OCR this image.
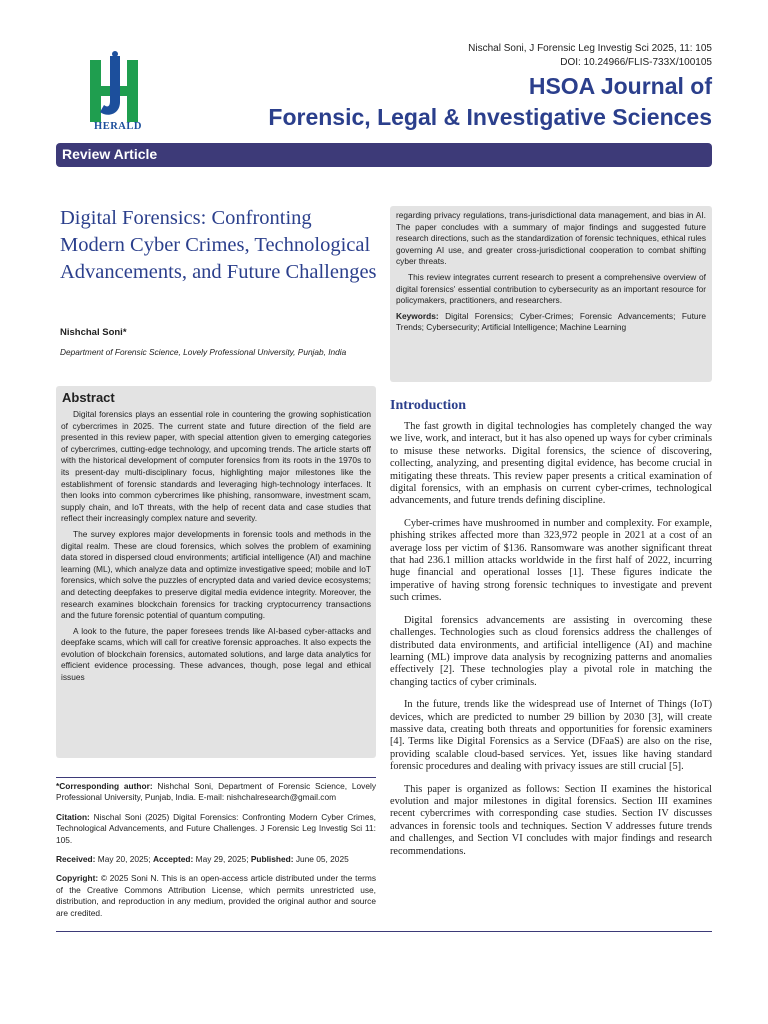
HERALD
Nischal Soni, J Forensic Leg Investig Sci 2025, 11: 105
DOI: 10.24966/FLIS-733X/100105
HSOA Journal of
Forensic, Legal & Investigative Sciences
Review Article
Digital Forensics: Confronting Modern Cyber Crimes, Technological Advancements, and Future Challenges
Nishchal Soni*
Department of Forensic Science, Lovely Professional University, Punjab, India
Abstract

Digital forensics plays an essential role in countering the growing sophistication of cybercrimes in 2025. The current state and future direction of the field are presented in this review paper, with special attention given to emerging categories of cybercrimes, cutting-edge technology, and upcoming trends. The article starts off with the historical development of computer forensics from its roots in the 1970s to its present-day multi-disciplinary focus, highlighting major milestones like the establishment of forensic standards and leveraging high-technology interfaces. It then looks into common cybercrimes like phishing, ransomware, investment scam, supply chain, and IoT threats, with the help of recent data and case studies that reflect their increasingly complex nature and severity.

The survey explores major developments in forensic tools and methods in the digital realm. These are cloud forensics, which solves the problem of examining data stored in dispersed cloud environments; artificial intelligence (AI) and machine learning (ML), which analyze data and optimize investigative speed; mobile and IoT forensics, which solve the puzzles of encrypted data and varied device ecosystems; and detecting deepfakes to preserve digital media evidence integrity. Moreover, the research examines blockchain forensics for tracking cryptocurrency transactions and the future forensic potential of quantum computing.

A look to the future, the paper foresees trends like AI-based cyber-attacks and deepfake scams, which will call for creative forensic approaches. It also expects the evolution of blockchain forensics, automated solutions, and large data analytics for efficient evidence processing. These advances, though, pose legal and ethical issues

regarding privacy regulations, trans-jurisdictional data management, and bias in AI. The paper concludes with a summary of major findings and suggested future research directions, such as the standardization of forensic techniques, ethical rules governing AI use, and greater cross-jurisdictional cooperation to combat shifting cyber threats.

This review integrates current research to present a comprehensive overview of digital forensics' essential contribution to cybersecurity as an important resource for policymakers, practitioners, and researchers.

Keywords: Digital Forensics; Cyber-Crimes; Forensic Advancements; Future Trends; Cybersecurity; Artificial Intelligence; Machine Learning

*Corresponding author: Nishchal Soni, Department of Forensic Science, Lovely Professional University, Punjab, India. E-mail: nishchalresearch@gmail.com

Citation: Nischal Soni (2025) Digital Forensics: Confronting Modern Cyber Crimes, Technological Advancements, and Future Challenges. J Forensic Leg Investig Sci 11: 105.

Received: May 20, 2025; Accepted: May 29, 2025; Published: June 05, 2025

Copyright: © 2025 Soni N. This is an open-access article distributed under the terms of the Creative Commons Attribution License, which permits unrestricted use, distribution, and reproduction in any medium, provided the original author and source are credited.

Introduction

The fast growth in digital technologies has completely changed the way we live, work, and interact, but it has also opened up ways for cyber criminals to misuse these networks. Digital forensics, the science of discovering, collecting, analyzing, and presenting digital evidence, has become crucial in mitigating these threats. This review paper presents a critical examination of digital forensics, with an emphasis on current cyber-crimes, technological advancements, and future trends defining discipline.

Cyber-crimes have mushroomed in number and complexity. For example, phishing strikes affected more than 323,972 people in 2021 at a cost of an average loss per victim of $136. Ransomware was another significant threat that had 236.1 million attacks worldwide in the first half of 2022, incurring huge financial and operational losses [1]. These figures indicate the imperative of having strong forensic techniques to investigate and prevent such crimes.

Digital forensics advancements are assisting in overcoming these challenges. Technologies such as cloud forensics address the challenges of distributed data environments, and artificial intelligence (AI) and machine learning (ML) improve data analysis by recognizing patterns and anomalies effectively [2]. These technologies play a pivotal role in matching the changing tactics of cyber criminals.

In the future, trends like the widespread use of Internet of Things (IoT) devices, which are predicted to number 29 billion by 2030 [3], will create massive data, creating both threats and opportunities for forensic examiners [4]. Terms like Digital Forensics as a Service (DFaaS) are also on the rise, providing scalable cloud-based services. Yet, issues like having standard forensic procedures and dealing with privacy issues are still crucial [5].

This paper is organized as follows: Section II examines the historical evolution and major milestones in digital forensics. Section III examines recent cybercrimes with corresponding case studies. Section IV discusses advances in forensic tools and techniques. Section V addresses future trends and challenges, and Section VI concludes with major findings and research recommendations.
